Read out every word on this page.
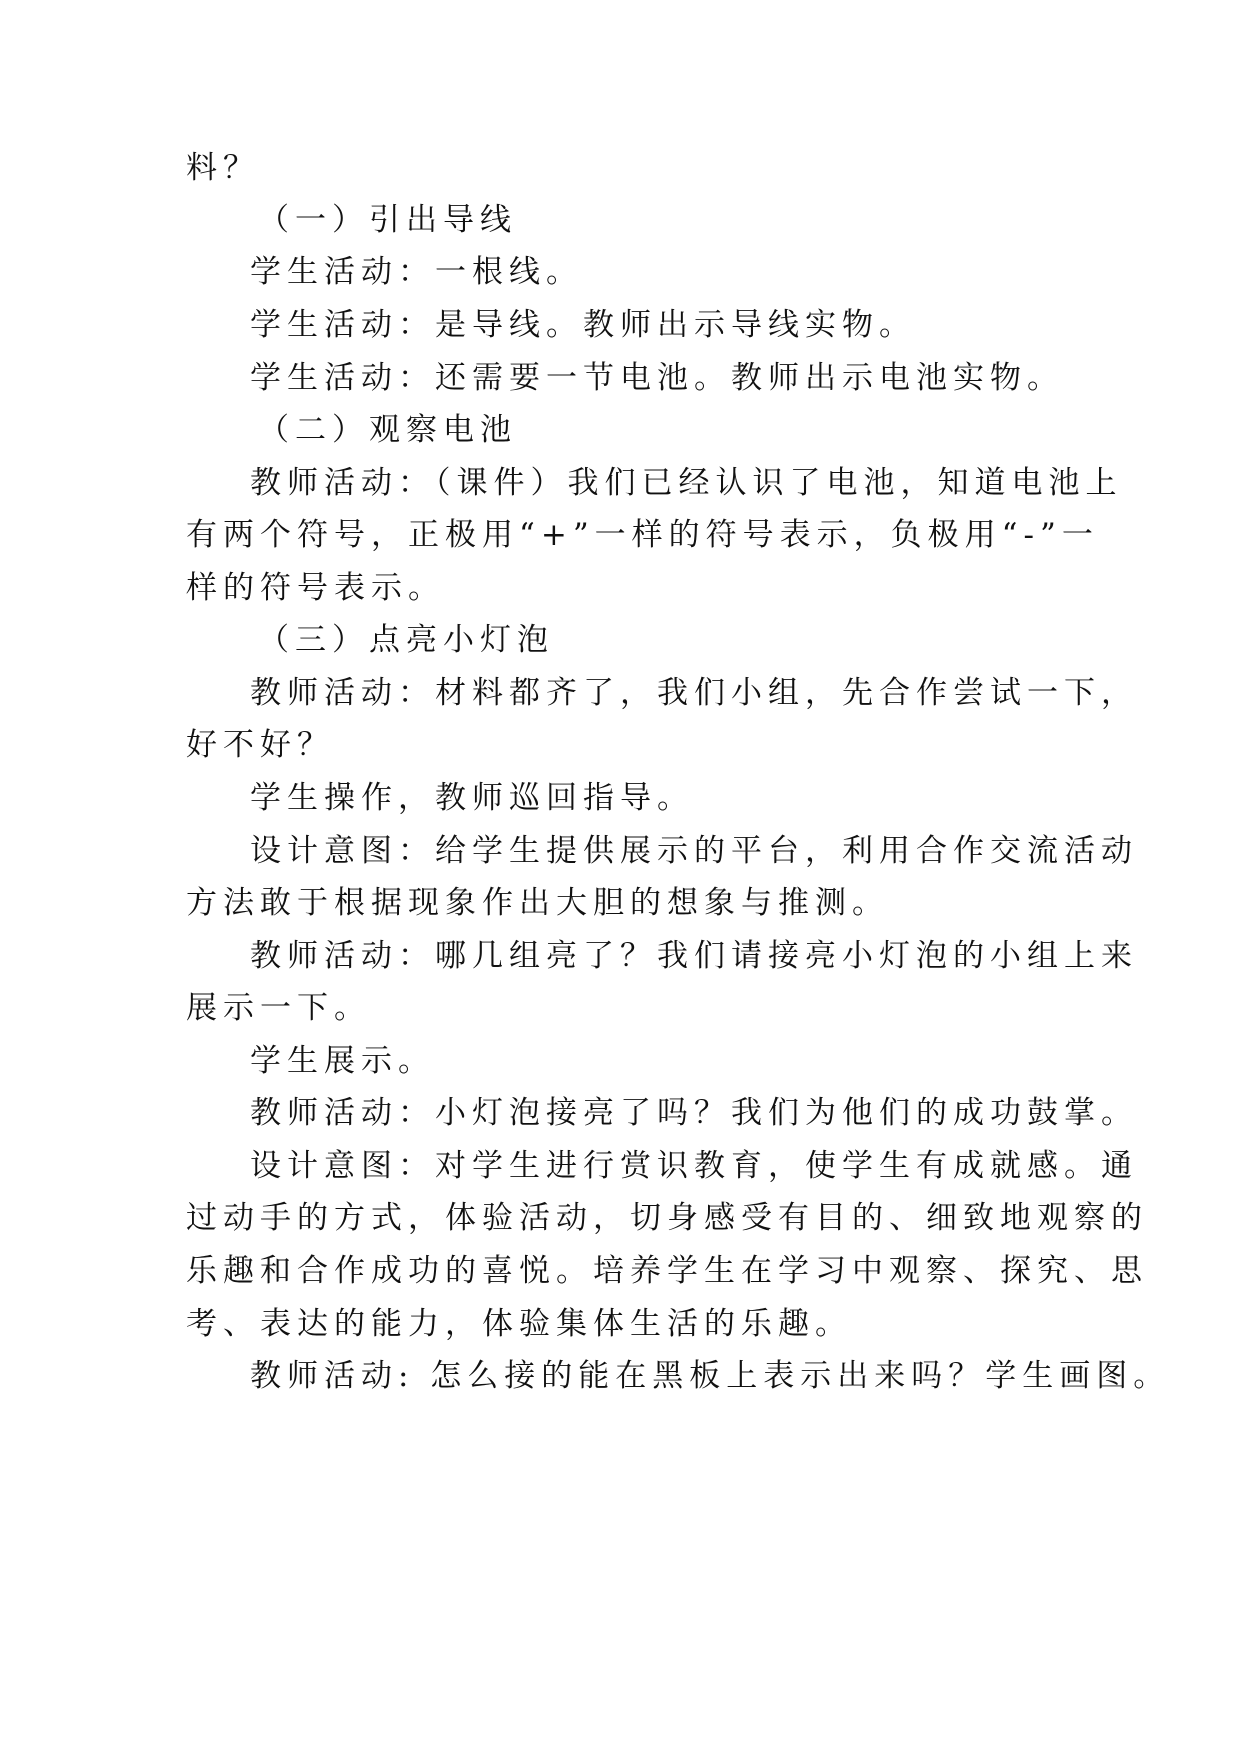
料？
（一）引出导线
学生活动：一根线。
学生活动：是导线。教师出示导线实物。
学生活动：还需要一节电池。教师出示电池实物。
（二）观察电池
教师活动：（课件）我们已经认识了电池，知道电池上
有两个符号，正极用“+”一样的符号表示，负极用“-”一
样的符号表示。
（三）点亮小灯泡
教师活动：材料都齐了，我们小组，先合作尝试一下，
好不好？
学生操作，教师巡回指导。
设计意图：给学生提供展示的平台，利用合作交流活动
方法敢于根据现象作出大胆的想象与推测。
教师活动：哪几组亮了？我们请接亮小灯泡的小组上来
展示一下。
学生展示。
教师活动：小灯泡接亮了吗？我们为他们的成功鼓掌。
设计意图：对学生进行赏识教育，使学生有成就感。通
过动手的方式，体验活动，切身感受有目的、细致地观察的
乐趣和合作成功的喜悦。培养学生在学习中观察、探究、思
考、表达的能力，体验集体生活的乐趣。
教师活动: 怎么接的能在黑板上表示出来吗？学生画图。
